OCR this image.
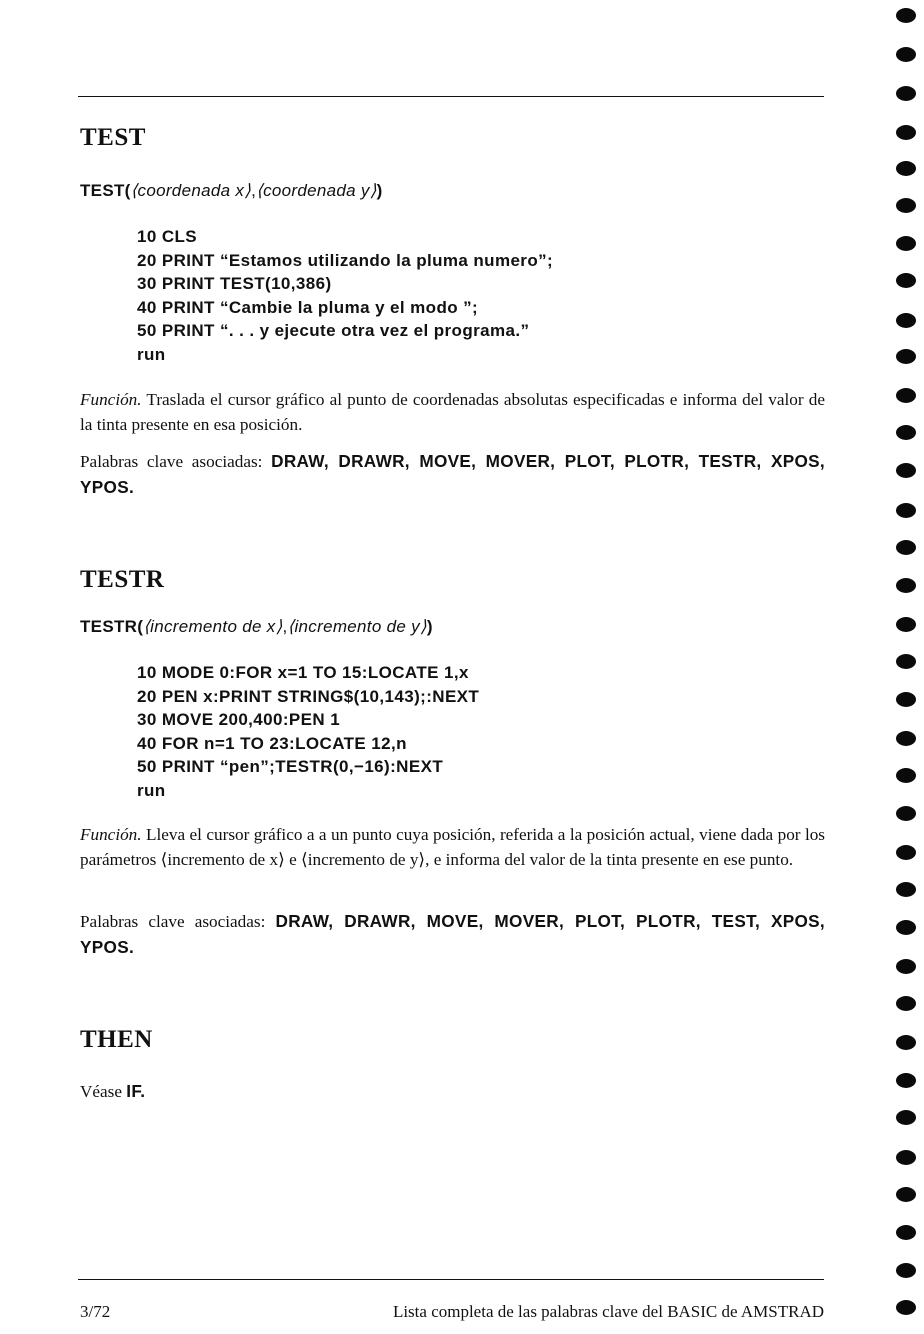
TEST
TEST(⟨coordenada x⟩,⟨coordenada y⟩)
10 CLS
20 PRINT “Estamos utilizando la pluma numero”;
30 PRINT TEST(10,386)
40 PRINT “Cambie la pluma y el modo ”;
50 PRINT “. . . y ejecute otra vez el programa.”
run

Función. Traslada el cursor gráfico al punto de coordenadas absolutas especificadas e informa del valor de la tinta presente en esa posición.

Palabras clave asociadas: DRAW, DRAWR, MOVE, MOVER, PLOT, PLOTR, TESTR, XPOS, YPOS.

TESTR
TESTR(⟨incremento de x⟩,⟨incremento de y⟩)
10 MODE 0:FOR x=1 TO 15:LOCATE 1,x
20 PEN x:PRINT STRING$(10,143);:NEXT
30 MOVE 200,400:PEN 1
40 FOR n=1 TO 23:LOCATE 12,n
50 PRINT “pen”;TESTR(0,−16):NEXT
run

Función. Lleva el cursor gráfico a a un punto cuya posición, referida a la posición actual, viene dada por los parámetros ⟨incremento de x⟩ e ⟨incremento de y⟩, e informa del valor de la tinta presente en ese punto.

Palabras clave asociadas: DRAW, DRAWR, MOVE, MOVER, PLOT, PLOTR, TEST, XPOS, YPOS.

THEN

Véase IF.

3/72	Lista completa de las palabras clave del BASIC de AMSTRAD
